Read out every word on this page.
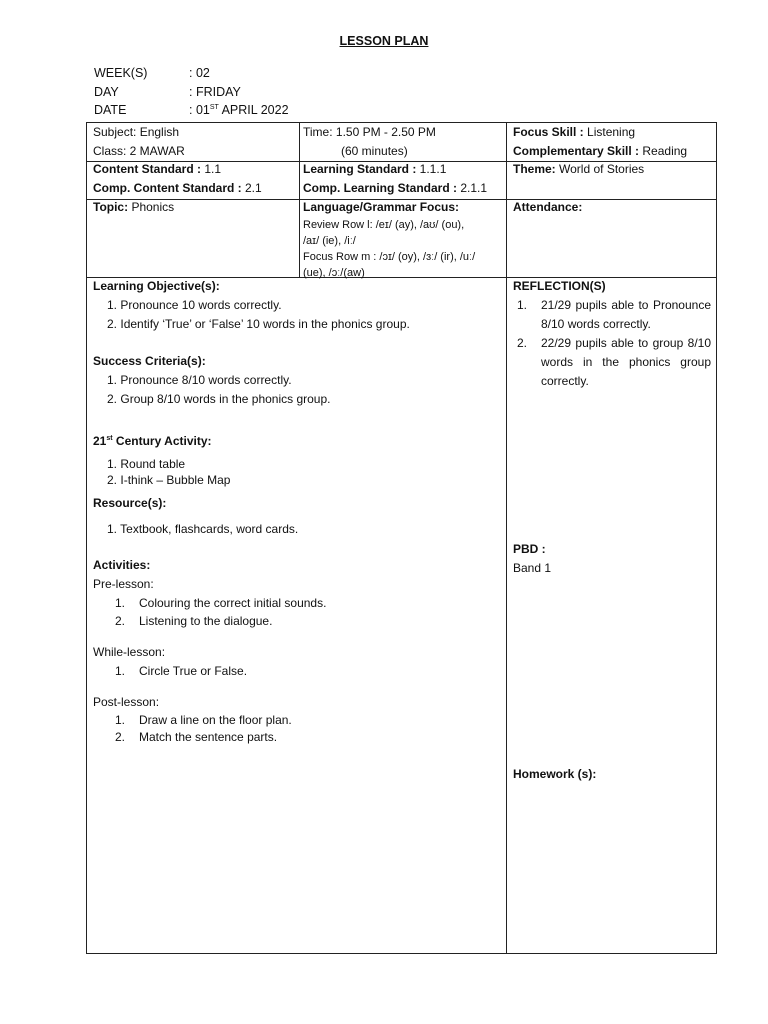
LESSON PLAN
WEEK(S)	: 02
DAY	: FRIDAY
DATE	: 01ST APRIL 2022
Subject: English
Class: 2 MAWAR
Time: 1.50 PM - 2.50 PM
(60 minutes)
Focus Skill : Listening
Complementary Skill : Reading
Content Standard : 1.1
Comp. Content Standard : 2.1
Learning Standard : 1.1.1
Comp. Learning Standard : 2.1.1
Theme: World of Stories
Topic: Phonics	Language/Grammar Focus:
Review Row l: /eɪ/ (ay), /aʊ/ (ou),
/aɪ/ (ie), /iː/
Focus Row m : /ɔɪ/ (oy), /ɜː/ (ir), /uː/
(ue), /ɔː/(aw)
Attendance:
Learning Objective(s):
1. Pronounce 10 words correctly.
2. Identify ‘True’ or ‘False’ 10 words in the phonics group.
Success Criteria(s):
1. Pronounce 8/10 words correctly.
2. Group 8/10 words in the phonics group.
21st Century Activity:
1. Round table
2. I-think – Bubble Map
Resource(s):
1. Textbook, flashcards, word cards.
Activities:
Pre-lesson:
1. Colouring the correct initial sounds.
2. Listening to the dialogue.
While-lesson:
1. Circle True or False.
Post-lesson:
1. Draw a line on the floor plan.
2. Match the sentence parts.
REFLECTION(S)
1.	21/29 pupils able to Pronounce 8/10 words correctly.
2.	22/29 pupils able to group 8/10 words in the phonics group correctly.
PBD :
Band 1
Homework (s):
